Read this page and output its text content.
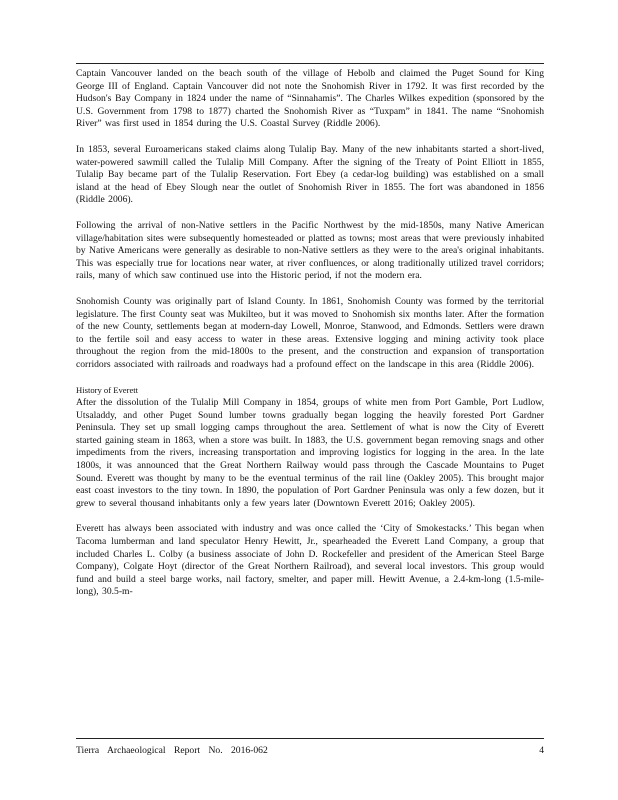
Captain Vancouver landed on the beach south of the village of Hebolb and claimed the Puget Sound for King George III of England. Captain Vancouver did not note the Snohomish River in 1792. It was first recorded by the Hudson's Bay Company in 1824 under the name of “Sinnahamis”. The Charles Wilkes expedition (sponsored by the U.S. Government from 1798 to 1877) charted the Snohomish River as “Tuxpam” in 1841. The name “Snohomish River” was first used in 1854 during the U.S. Coastal Survey (Riddle 2006).

In 1853, several Euroamericans staked claims along Tulalip Bay. Many of the new inhabitants started a short-lived, water-powered sawmill called the Tulalip Mill Company. After the signing of the Treaty of Point Elliott in 1855, Tulalip Bay became part of the Tulalip Reservation. Fort Ebey (a cedar-log building) was established on a small island at the head of Ebey Slough near the outlet of Snohomish River in 1855. The fort was abandoned in 1856 (Riddle 2006).

Following the arrival of non-Native settlers in the Pacific Northwest by the mid-1850s, many Native American village/habitation sites were subsequently homesteaded or platted as towns; most areas that were previously inhabited by Native Americans were generally as desirable to non-Native settlers as they were to the area's original inhabitants. This was especially true for locations near water, at river confluences, or along traditionally utilized travel corridors; rails, many of which saw continued use into the Historic period, if not the modern era.

Snohomish County was originally part of Island County. In 1861, Snohomish County was formed by the territorial legislature. The first County seat was Mukilteo, but it was moved to Snohomish six months later. After the formation of the new County, settlements began at modern-day Lowell, Monroe, Stanwood, and Edmonds. Settlers were drawn to the fertile soil and easy access to water in these areas. Extensive logging and mining activity took place throughout the region from the mid-1800s to the present, and the construction and expansion of transportation corridors associated with railroads and roadways had a profound effect on the landscape in this area (Riddle 2006).

History of Everett

After the dissolution of the Tulalip Mill Company in 1854, groups of white men from Port Gamble, Port Ludlow, Utsaladdy, and other Puget Sound lumber towns gradually began logging the heavily forested Port Gardner Peninsula. They set up small logging camps throughout the area. Settlement of what is now the City of Everett started gaining steam in 1863, when a store was built. In 1883, the U.S. government began removing snags and other impediments from the rivers, increasing transportation and improving logistics for logging in the area. In the late 1800s, it was announced that the Great Northern Railway would pass through the Cascade Mountains to Puget Sound. Everett was thought by many to be the eventual terminus of the rail line (Oakley 2005). This brought major east coast investors to the tiny town. In 1890, the population of Port Gardner Peninsula was only a few dozen, but it grew to several thousand inhabitants only a few years later (Downtown Everett 2016; Oakley 2005).

Everett has always been associated with industry and was once called the ‘City of Smokestacks.’ This began when Tacoma lumberman and land speculator Henry Hewitt, Jr., spearheaded the Everett Land Company, a group that included Charles L. Colby (a business associate of John D. Rockefeller and president of the American Steel Barge Company), Colgate Hoyt (director of the Great Northern Railroad), and several local investors. This group would fund and build a steel barge works, nail factory, smelter, and paper mill. Hewitt Avenue, a 2.4-km-long (1.5-mile-long), 30.5-m-

Tierra Archaeological Report No. 2016-062	4
